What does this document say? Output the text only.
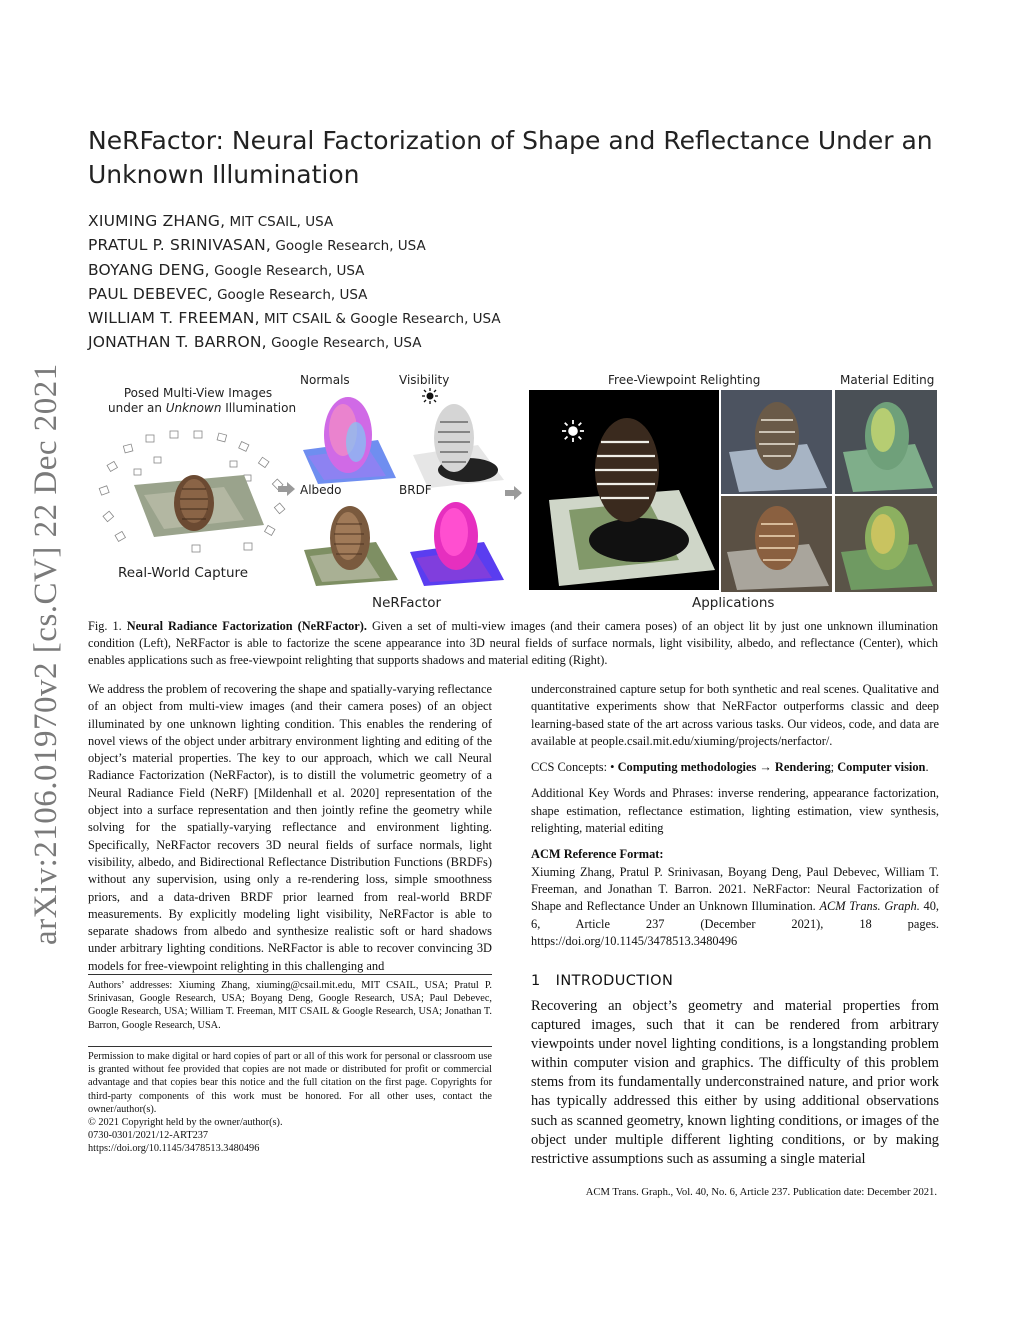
arXiv:2106.01970v2 [cs.CV] 22 Dec 2021
NeRFactor: Neural Factorization of Shape and Reflectance Under an Unknown Illumination
XIUMING ZHANG, MIT CSAIL, USA
PRATUL P. SRINIVASAN, Google Research, USA
BOYANG DENG, Google Research, USA
PAUL DEBEVEC, Google Research, USA
WILLIAM T. FREEMAN, MIT CSAIL & Google Research, USA
JONATHAN T. BARRON, Google Research, USA
Posed Multi-View Images
under an Unknown Illumination
Real-World Capture
Normals	Visibility
Albedo	BRDF
NeRFactor
Free-Viewpoint Relighting	Material Editing
Applications
Fig. 1. Neural Radiance Factorization (NeRFactor). Given a set of multi-view images (and their camera poses) of an object lit by just one unknown illumination condition (Left), NeRFactor is able to factorize the scene appearance into 3D neural fields of surface normals, light visibility, albedo, and reflectance (Center), which enables applications such as free-viewpoint relighting that supports shadows and material editing (Right).
We address the problem of recovering the shape and spatially-varying reflectance of an object from multi-view images (and their camera poses) of an object illuminated by one unknown lighting condition. This enables the rendering of novel views of the object under arbitrary environment lighting and editing of the object’s material properties. The key to our approach, which we call Neural Radiance Factorization (NeRFactor), is to distill the volumetric geometry of a Neural Radiance Field (NeRF) [Mildenhall et al. 2020] representation of the object into a surface representation and then jointly refine the geometry while solving for the spatially-varying reflectance and environment lighting. Specifically, NeRFactor recovers 3D neural fields of surface normals, light visibility, albedo, and Bidirectional Reflectance Distribution Functions (BRDFs) without any supervision, using only a re-rendering loss, simple smoothness priors, and a data-driven BRDF prior learned from real-world BRDF measurements. By explicitly modeling light visibility, NeRFactor is able to separate shadows from albedo and synthesize realistic soft or hard shadows under arbitrary lighting conditions. NeRFactor is able to recover convincing 3D models for free-viewpoint relighting in this challenging and
Authors’ addresses: Xiuming Zhang, xiuming@csail.mit.edu, MIT CSAIL, USA; Pratul P. Srinivasan, Google Research, USA; Boyang Deng, Google Research, USA; Paul Debevec, Google Research, USA; William T. Freeman, MIT CSAIL & Google Research, USA; Jonathan T. Barron, Google Research, USA.
Permission to make digital or hard copies of part or all of this work for personal or classroom use is granted without fee provided that copies are not made or distributed for profit or commercial advantage and that copies bear this notice and the full citation on the first page. Copyrights for third-party components of this work must be honored. For all other uses, contact the owner/author(s).
© 2021 Copyright held by the owner/author(s).
0730-0301/2021/12-ART237
https://doi.org/10.1145/3478513.3480496

underconstrained capture setup for both synthetic and real scenes. Qualitative and quantitative experiments show that NeRFactor outperforms classic and deep learning-based state of the art across various tasks. Our videos, code, and data are available at people.csail.mit.edu/xiuming/projects/nerfactor/.

CCS Concepts: • Computing methodologies → Rendering; Computer vision.

Additional Key Words and Phrases: inverse rendering, appearance factorization, shape estimation, reflectance estimation, lighting estimation, view synthesis, relighting, material editing

ACM Reference Format:
Xiuming Zhang, Pratul P. Srinivasan, Boyang Deng, Paul Debevec, William T. Freeman, and Jonathan T. Barron. 2021. NeRFactor: Neural Factorization of Shape and Reflectance Under an Unknown Illumination. ACM Trans. Graph. 40, 6, Article 237 (December 2021), 18 pages. https://doi.org/10.1145/3478513.3480496
1 INTRODUCTION
Recovering an object’s geometry and material properties from captured images, such that it can be rendered from arbitrary viewpoints under novel lighting conditions, is a longstanding problem within computer vision and graphics. The difficulty of this problem stems from its fundamentally underconstrained nature, and prior work has typically addressed this either by using additional observations such as scanned geometry, known lighting conditions, or images of the object under multiple different lighting conditions, or by making restrictive assumptions such as assuming a single material
ACM Trans. Graph., Vol. 40, No. 6, Article 237. Publication date: December 2021.
